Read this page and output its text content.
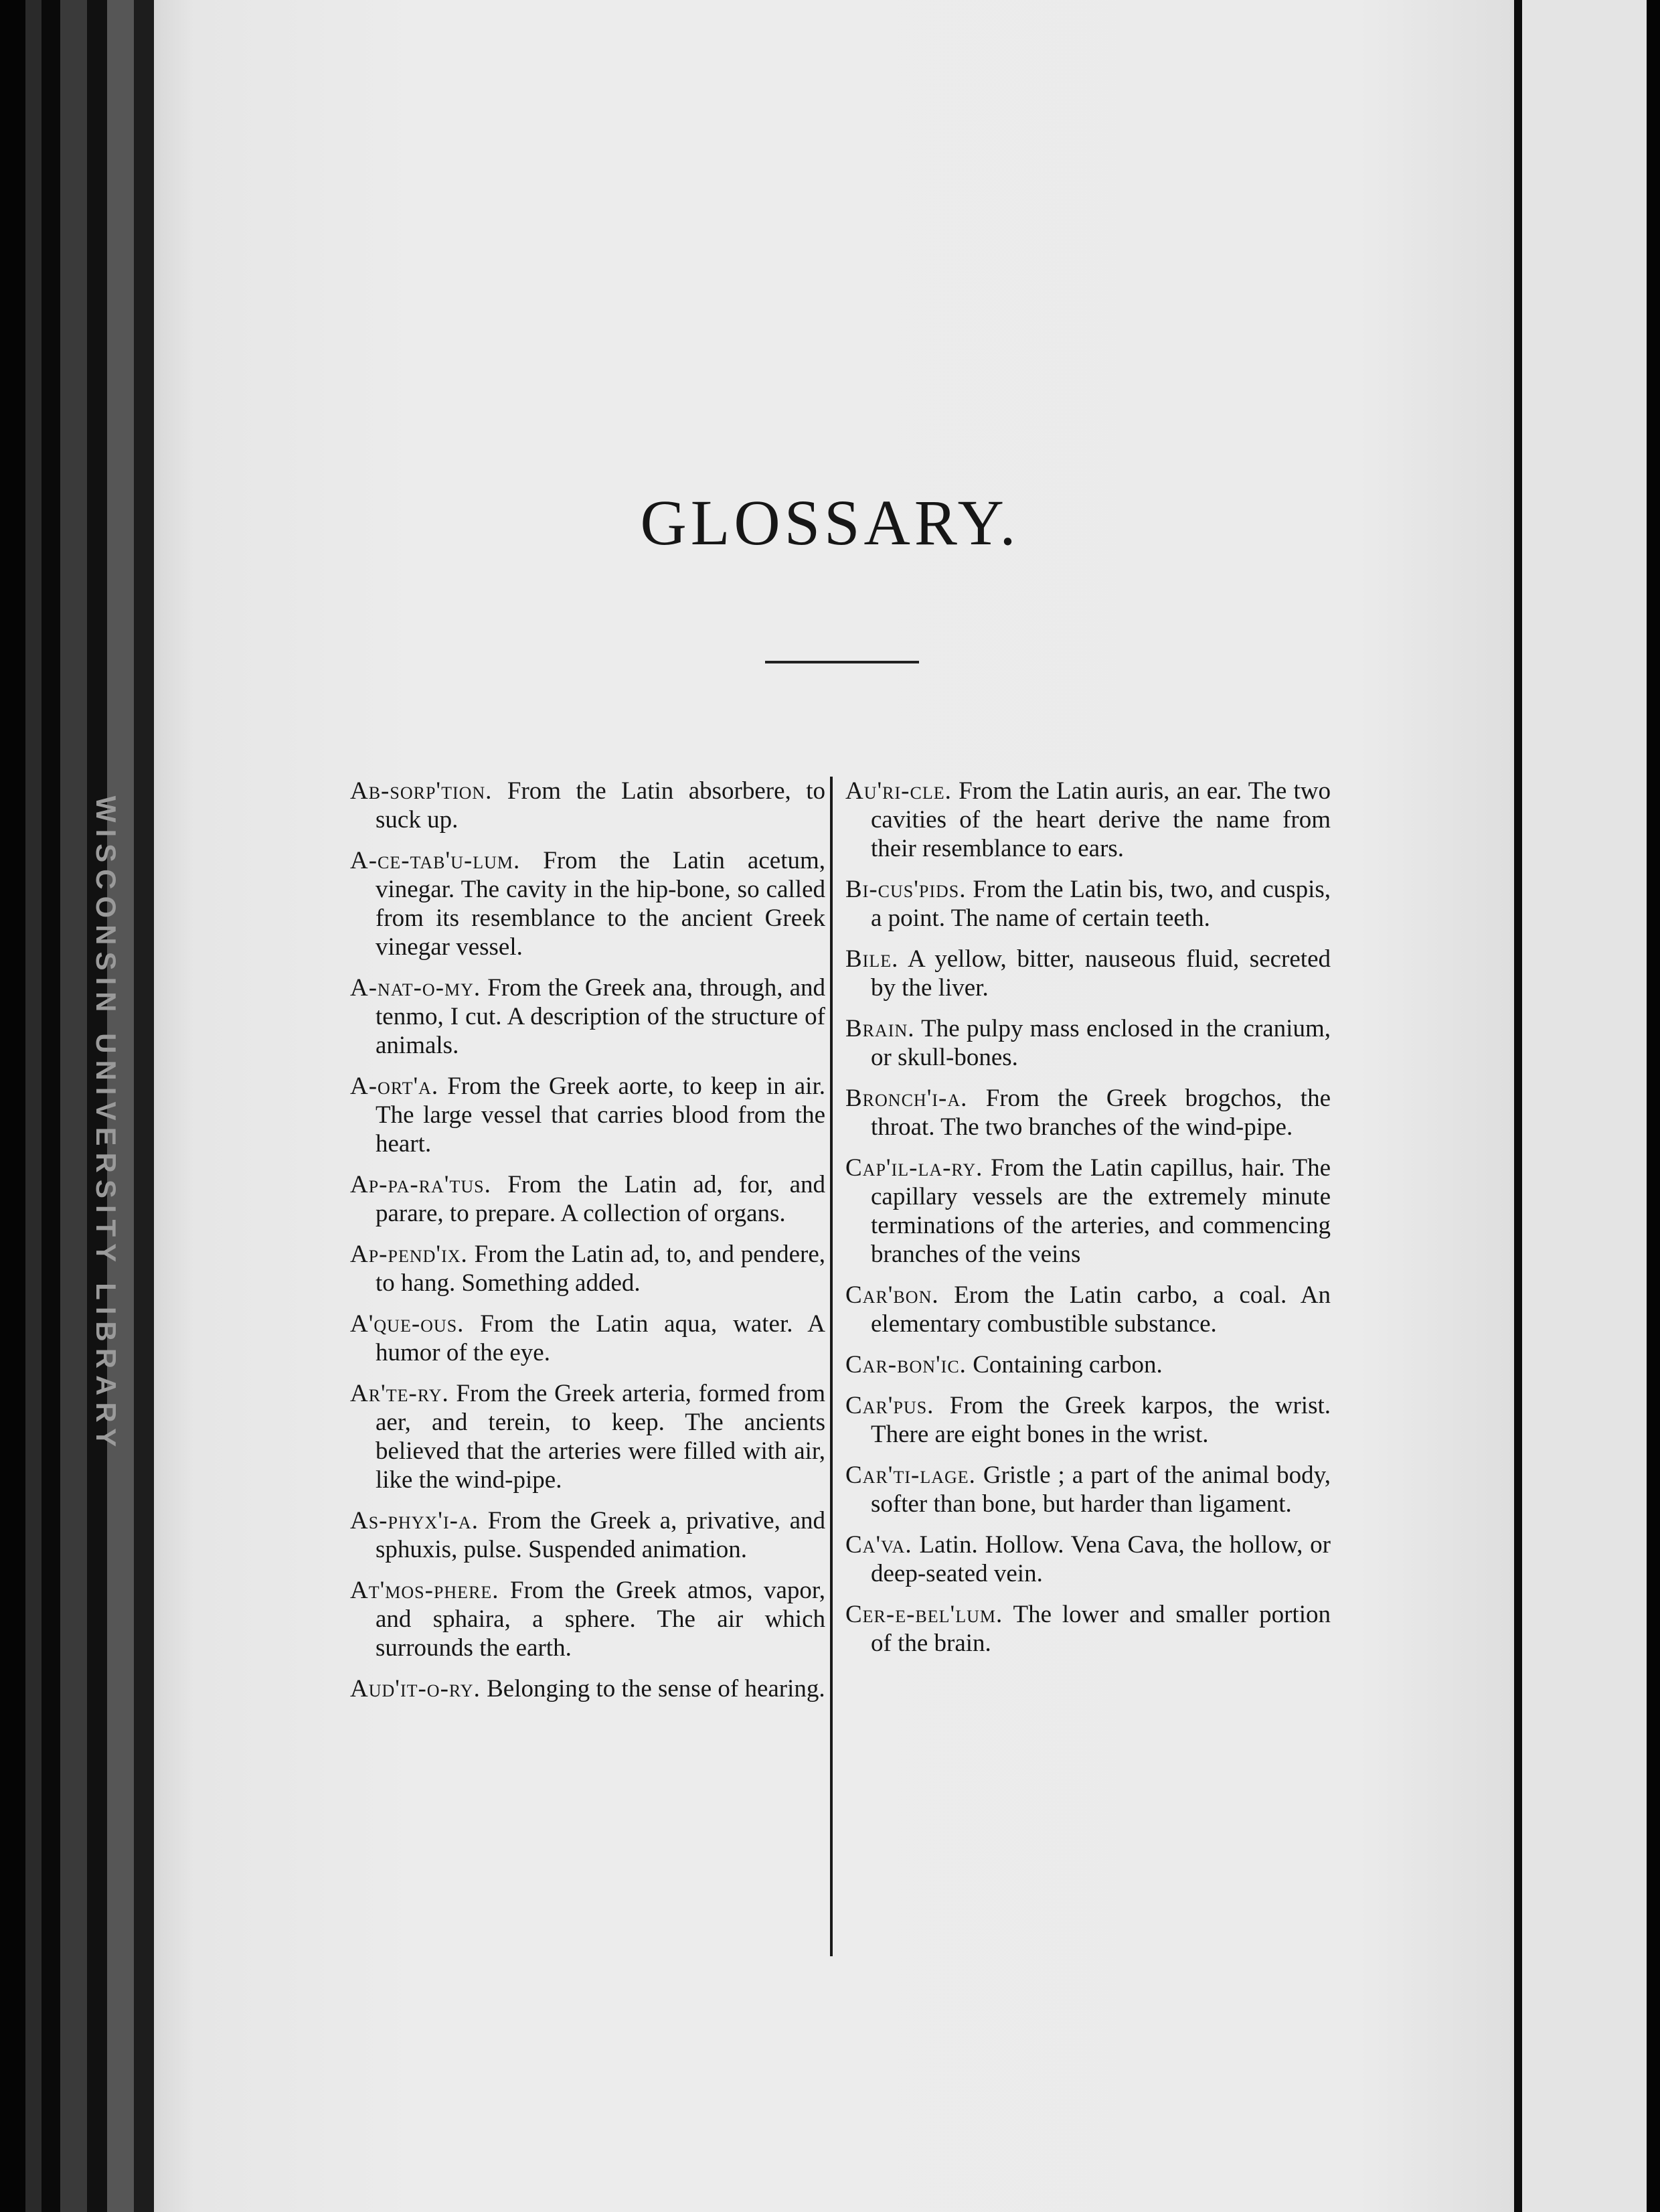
WISCONSIN UNIVERSITY LIBRARY
GLOSSARY.

Ab-sorp'tion. From the Latin absorbere, to suck up.

A-ce-tab'u-lum. From the Latin acetum, vinegar. The cavity in the hip-bone, so called from its resemblance to the ancient Greek vinegar vessel.

A-nat-o-my. From the Greek ana, through, and tenmo, I cut. A description of the structure of animals.

A-ort'a. From the Greek aorte, to keep in air. The large vessel that carries blood from the heart.

Ap-pa-ra'tus. From the Latin ad, for, and parare, to prepare. A collection of organs.

Ap-pend'ix. From the Latin ad, to, and pendere, to hang. Something added.

A'que-ous. From the Latin aqua, water. A humor of the eye.

Ar'te-ry. From the Greek arteria, formed from aer, and terein, to keep. The ancients believed that the arteries were filled with air, like the wind-pipe.

As-phyx'i-a. From the Greek a, privative, and sphuxis, pulse. Suspended animation.

At'mos-phere. From the Greek atmos, vapor, and sphaira, a sphere. The air which surrounds the earth.

Aud'it-o-ry. Belonging to the sense of hearing.

Au'ri-cle. From the Latin auris, an ear. The two cavities of the heart derive the name from their resemblance to ears.

Bi-cus'pids. From the Latin bis, two, and cuspis, a point. The name of certain teeth.

Bile. A yellow, bitter, nauseous fluid, secreted by the liver.

Brain. The pulpy mass enclosed in the cranium, or skull-bones.

Bronch'i-a. From the Greek brogchos, the throat. The two branches of the wind-pipe.

Cap'il-la-ry. From the Latin capillus, hair. The capillary vessels are the extremely minute terminations of the arteries, and commencing branches of the veins

Car'bon. Erom the Latin carbo, a coal. An elementary combustible substance.

Car-bon'ic. Containing carbon.

Car'pus. From the Greek karpos, the wrist. There are eight bones in the wrist.

Car'ti-lage. Gristle ; a part of the animal body, softer than bone, but harder than ligament.

Ca'va. Latin. Hollow. Vena Cava, the hollow, or deep-seated vein.

Cer-e-bel'lum. The lower and smaller portion of the brain.
